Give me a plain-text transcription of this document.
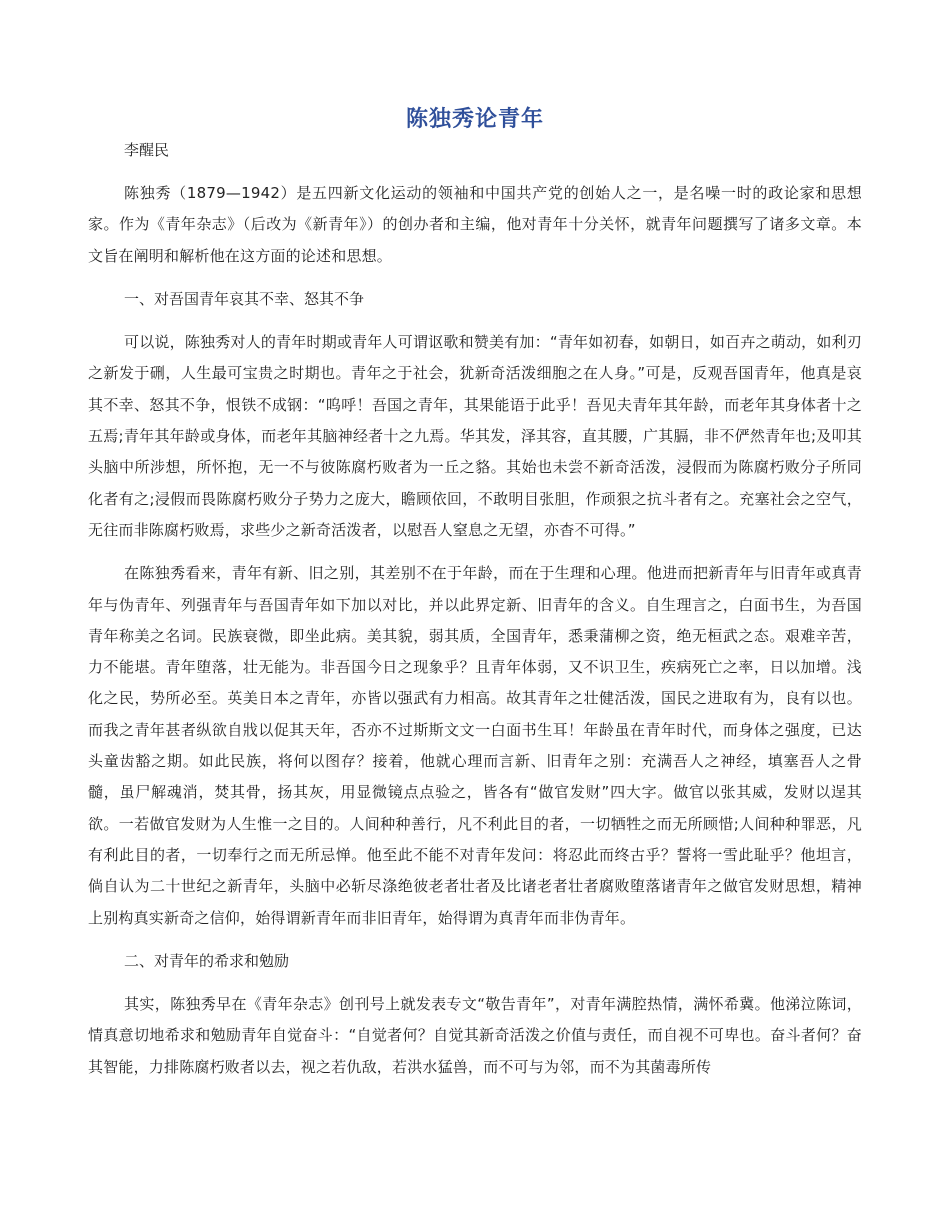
陈独秀论青年

李醒民

陈独秀（1879—1942）是五四新文化运动的领袖和中国共产党的创始人之一，是名噪一时的政论家和思想家。作为《青年杂志》（后改为《新青年》）的创办者和主编，他对青年十分关怀，就青年问题撰写了诸多文章。本文旨在阐明和解析他在这方面的论述和思想。

一、对吾国青年哀其不幸、怒其不争

可以说，陈独秀对人的青年时期或青年人可谓讴歌和赞美有加：“青年如初春，如朝日，如百卉之萌动，如利刃之新发于硎，人生最可宝贵之时期也。青年之于社会，犹新奇活泼细胞之在人身。”可是，反观吾国青年，他真是哀其不幸、怒其不争，恨铁不成钢：“呜呼！吾国之青年，其果能语于此乎！吾见夫青年其年龄，而老年其身体者十之五焉;青年其年龄或身体，而老年其脑神经者十之九焉。华其发，泽其容，直其腰，广其膈，非不俨然青年也;及叩其头脑中所涉想，所怀抱，无一不与彼陈腐朽败者为一丘之貉。其始也未尝不新奇活泼，浸假而为陈腐朽败分子所同化者有之;浸假而畏陈腐朽败分子势力之庞大，瞻顾依回，不敢明目张胆，作顽狠之抗斗者有之。充塞社会之空气，无往而非陈腐朽败焉，求些少之新奇活泼者，以慰吾人窒息之无望，亦杳不可得。”

在陈独秀看来，青年有新、旧之别，其差别不在于年龄，而在于生理和心理。他进而把新青年与旧青年或真青年与伪青年、列强青年与吾国青年如下加以对比，并以此界定新、旧青年的含义。自生理言之，白面书生，为吾国青年称美之名词。民族衰微，即坐此病。美其貌，弱其质，全国青年，悉秉蒲柳之资，绝无桓武之态。艰难辛苦，力不能堪。青年堕落，壮无能为。非吾国今日之现象乎？且青年体弱，又不识卫生，疾病死亡之率，日以加增。浅化之民，势所必至。英美日本之青年，亦皆以强武有力相高。故其青年之壮健活泼，国民之进取有为，良有以也。而我之青年甚者纵欲自戕以促其天年，否亦不过斯斯文文一白面书生耳！年龄虽在青年时代，而身体之强度，已达头童齿豁之期。如此民族，将何以图存？接着，他就心理而言新、旧青年之别：充满吾人之神经，填塞吾人之骨髓，虽尸解魂消，焚其骨，扬其灰，用显微镜点点验之，皆各有“做官发财”四大字。做官以张其威，发财以逞其欲。一若做官发财为人生惟一之目的。人间种种善行，凡不利此目的者，一切牺牲之而无所顾惜;人间种种罪恶，凡有利此目的者，一切奉行之而无所忌惮。他至此不能不对青年发问：将忍此而终古乎？誓将一雪此耻乎？他坦言，倘自认为二十世纪之新青年，头脑中必斩尽涤绝彼老者壮者及比诸老者壮者腐败堕落诸青年之做官发财思想，精神上别构真实新奇之信仰，始得谓新青年而非旧青年，始得谓为真青年而非伪青年。

二、对青年的希求和勉励

其实，陈独秀早在《青年杂志》创刊号上就发表专文“敬告青年”，对青年满腔热情，满怀希冀。他涕泣陈词，情真意切地希求和勉励青年自觉奋斗：“自觉者何？自觉其新奇活泼之价值与责任，而自视不可卑也。奋斗者何？奋其智能，力排陈腐朽败者以去，视之若仇敌，若洪水猛兽，而不可与为邻，而不为其菌毒所传
